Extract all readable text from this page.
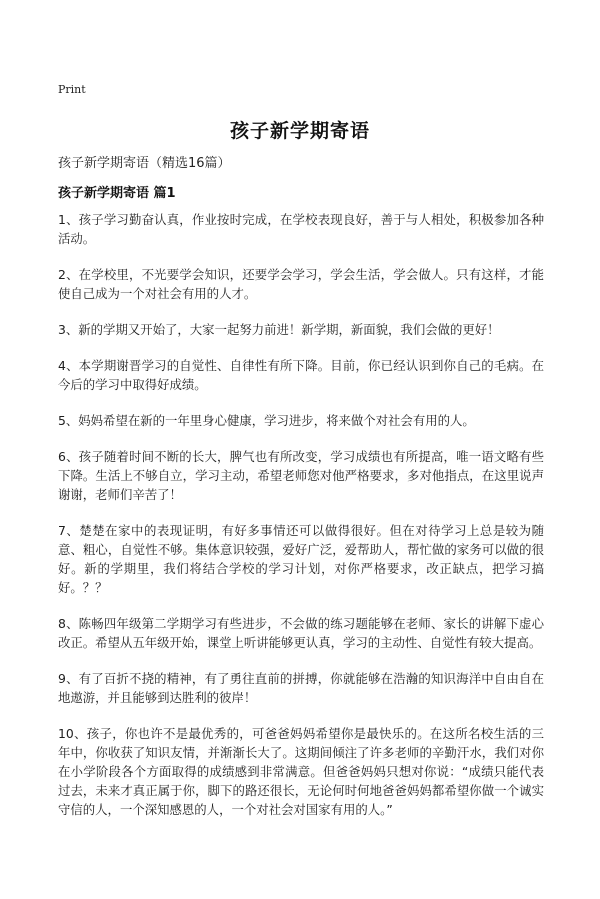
Print
孩子新学期寄语
孩子新学期寄语（精选16篇）
孩子新学期寄语 篇1
1、孩子学习勤奋认真，作业按时完成，在学校表现良好，善于与人相处，积极参加各种活动。
2、在学校里，不光要学会知识，还要学会学习，学会生活，学会做人。只有这样，才能使自己成为一个对社会有用的人才。
3、新的学期又开始了，大家一起努力前进！新学期，新面貌，我们会做的更好！
4、本学期谢晋学习的自觉性、自律性有所下降。目前，你已经认识到你自己的毛病。在今后的学习中取得好成绩。
5、妈妈希望在新的一年里身心健康，学习进步，将来做个对社会有用的人。
6、孩子随着时间不断的长大，脾气也有所改变，学习成绩也有所提高，唯一语文略有些下降。生活上不够自立，学习主动，希望老师您对他严格要求，多对他指点，在这里说声谢谢，老师们辛苦了！
7、楚楚在家中的表现证明，有好多事情还可以做得很好。但在对待学习上总是较为随意、粗心，自觉性不够。集体意识较强，爱好广泛，爱帮助人，帮忙做的家务可以做的很好。新的学期里，我们将结合学校的学习计划，对你严格要求，改正缺点，把学习搞好。？？
8、陈畅四年级第二学期学习有些进步，不会做的练习题能够在老师、家长的讲解下虚心改正。希望从五年级开始，课堂上听讲能够更认真，学习的主动性、自觉性有较大提高。
9、有了百折不挠的精神，有了勇往直前的拼搏，你就能够在浩瀚的知识海洋中自由自在地遨游，并且能够到达胜利的彼岸！
10、孩子，你也许不是最优秀的，可爸爸妈妈希望你是最快乐的。在这所名校生活的三年中，你收获了知识友情，并渐渐长大了。这期间倾注了许多老师的辛勤汗水，我们对你在小学阶段各个方面取得的成绩感到非常满意。但爸爸妈妈只想对你说：“成绩只能代表过去，未来才真正属于你，脚下的路还很长，无论何时何地爸爸妈妈都希望你做一个诚实守信的人，一个深知感恩的人，一个对社会对国家有用的人。”
